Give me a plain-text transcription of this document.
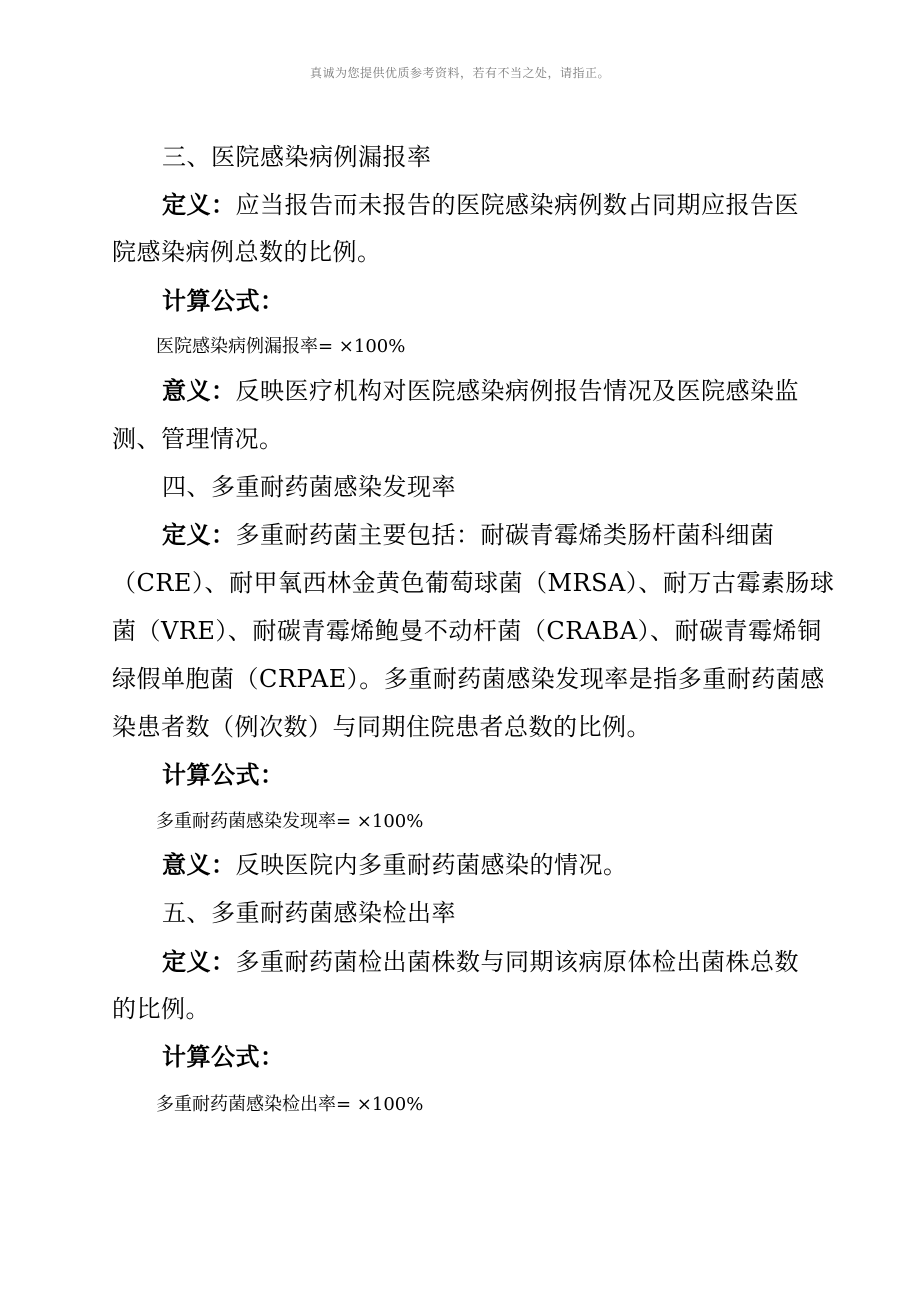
真诚为您提供优质参考资料，若有不当之处，请指正。
三、医院感染病例漏报率
定义：应当报告而未报告的医院感染病例数占同期应报告医
院感染病例总数的比例。
计算公式：
医院感染病例漏报率= ×100%
意义：反映医疗机构对医院感染病例报告情况及医院感染监
测、管理情况。
四、多重耐药菌感染发现率
定义：多重耐药菌主要包括：耐碳青霉烯类肠杆菌科细菌
（CRE）、耐甲氧西林金黄色葡萄球菌（MRSA）、耐万古霉素肠球
菌（VRE）、耐碳青霉烯鲍曼不动杆菌（CRABA）、耐碳青霉烯铜
绿假单胞菌（CRPAE）。多重耐药菌感染发现率是指多重耐药菌感
染患者数（例次数）与同期住院患者总数的比例。
计算公式：
多重耐药菌感染发现率= ×100%
意义：反映医院内多重耐药菌感染的情况。
五、多重耐药菌感染检出率
定义：多重耐药菌检出菌株数与同期该病原体检出菌株总数
的比例。
计算公式：
多重耐药菌感染检出率= ×100%
